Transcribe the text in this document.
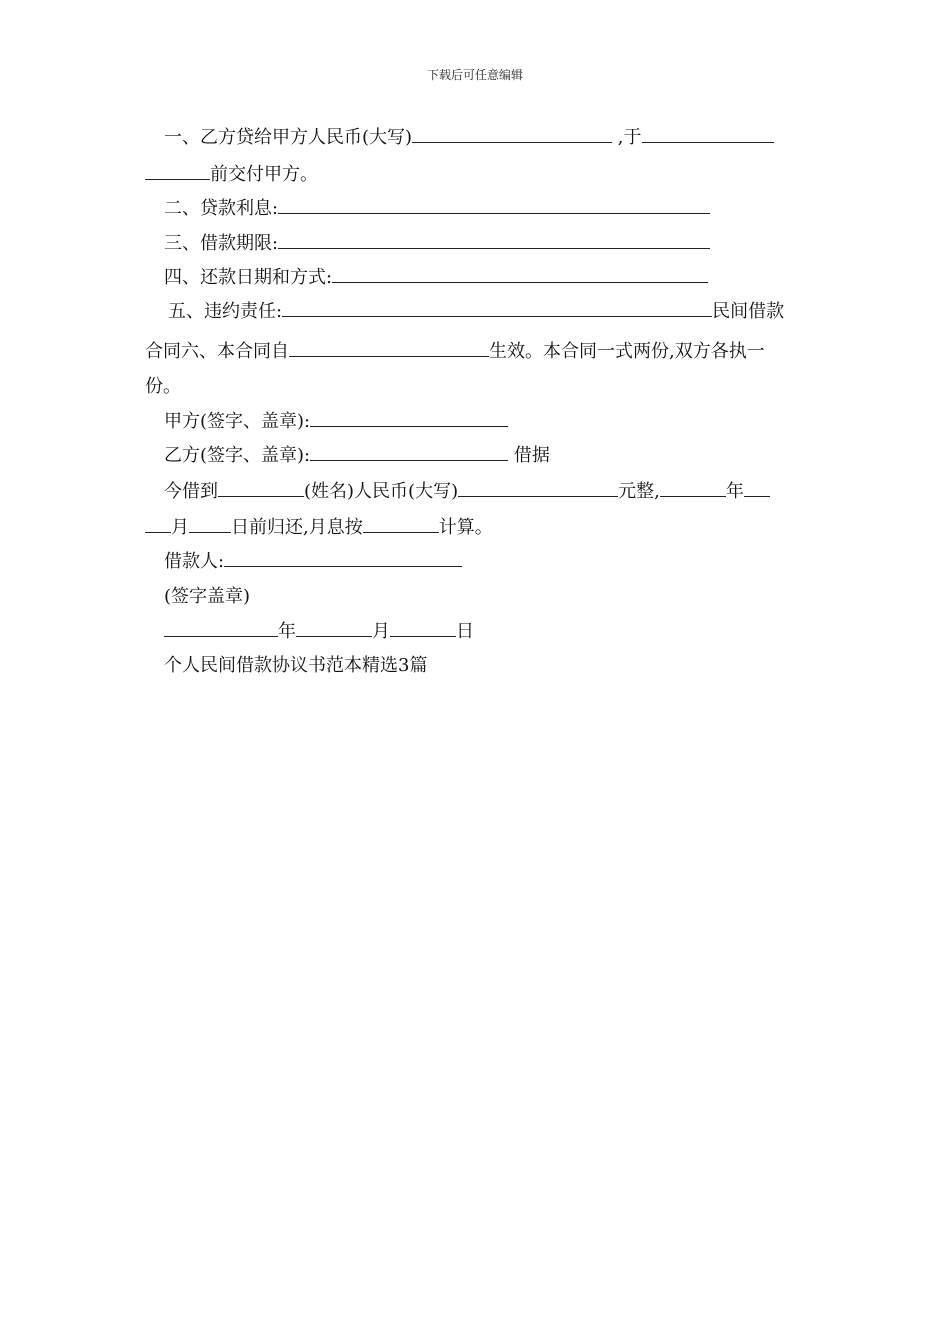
下载后可任意编辑
一、乙方贷给甲方人民币(大写)	,于
前交付甲方。
二、贷款利息:
三、借款期限:
四、还款日期和方式:
五、违约责任:	民间借款
合同六、本合同自	生效。本合同一式两份,双方各执一
份。
甲方(签字、盖章):
乙方(签字、盖章):	借据
今借到	(姓名)人民币(大写)	元整,	年
月 日前归还,月息按	计算。
借款人:
(签字盖章)
年	月	日
个人民间借款协议书范本精选3篇
